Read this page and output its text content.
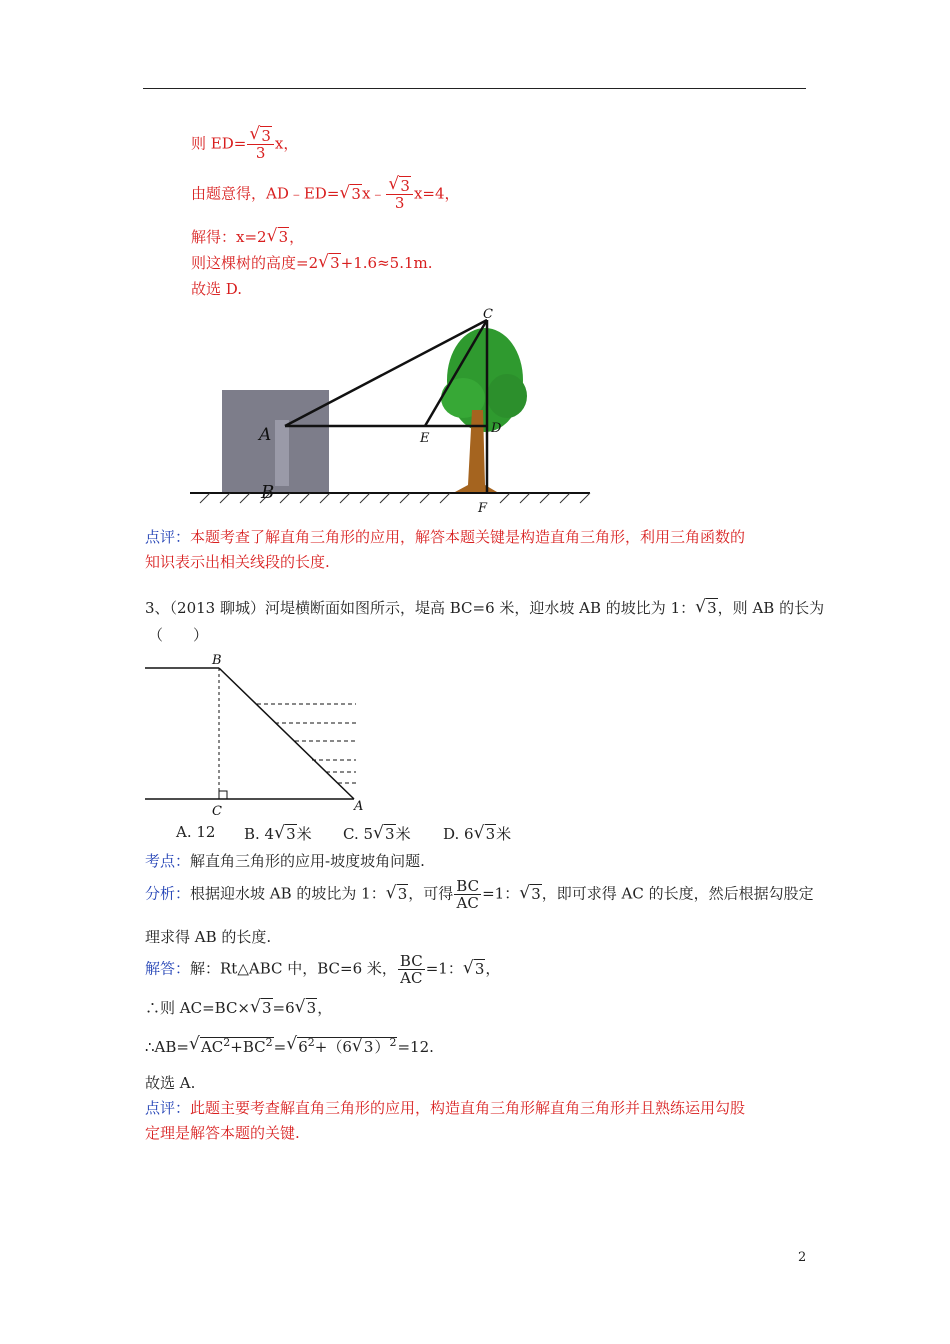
则 ED=
√ $\frac{3}{3}$ x，
由题意得，AD﹣ED=√ 3x﹣
√ $\frac{3}{3} x=4$，
解得：x=2√ 3，
则这棵树的高度=2√ 3+1.6≈5.1m.
故选 D.
C
A	E
D
B
F
点评：本题考查了解直角三角形的应用，解答本题关键是构造直角三角形，利用三角函数的
知识表示出相关线段的长度.
3、（2013 聊城）河堤横断面如图所示，堤高 BC=6 米，迎水坡 AB 的坡比为 1：√ 3，则 AB 的长为
（　　）
B
C	A
A. 12 B. 4√ 3米 C. 5√ 3米 D. 6√ 3米
考点：解直角三角形的应用-坡度坡角问题.
分析：根据迎水坡 AB 的坡比为 1：√ 3，可得 $\frac{BC}{AC} =1$：√ 3，即可求得 AC 的长度，然后根据勾股定
理求得 AB 的长度.
解答：解：Rt△ABC 中，BC=6 米， $\frac{BC}{AC} =1$：√ 3，
∴则 AC=BC×√ 3=6√ 3，
∴AB=√ $AC^2+BC^2=√$ $6^2+(6√$ 3）$^2$=12.
故选 A.
点评：此题主要考查解直角三角形的应用，构造直角三角形解直角三角形并且熟练运用勾股
定理是解答本题的关键.
2
